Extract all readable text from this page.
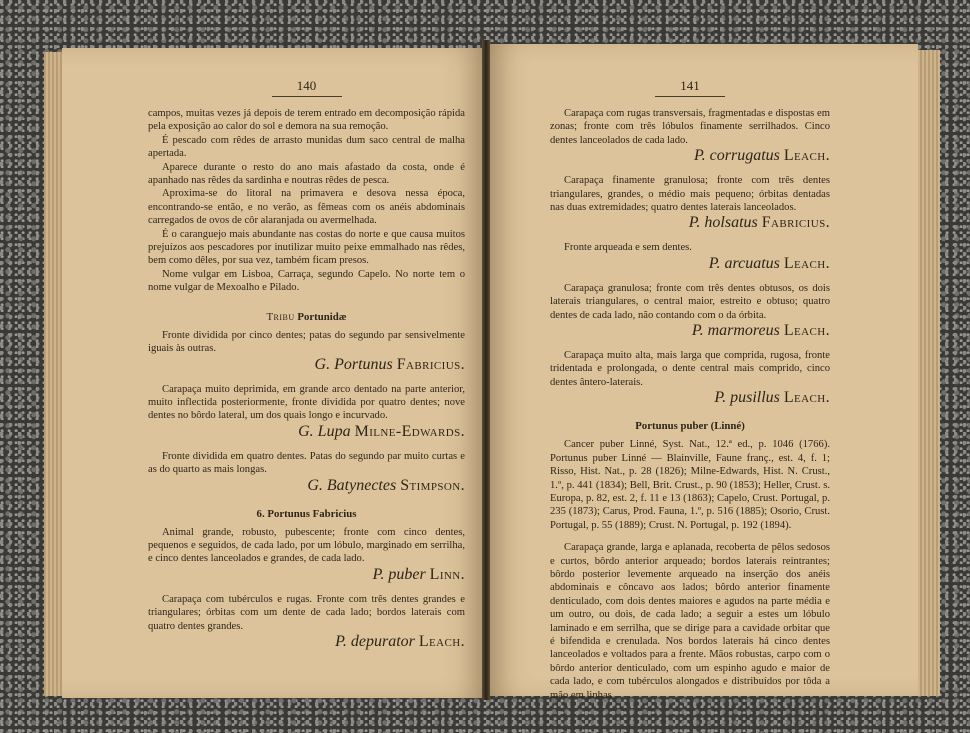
140

campos, muitas vezes já depois de terem entrado em decomposição rápida pela exposição ao calor do sol e demora na sua remoção.

É pescado com rêdes de arrasto munidas dum saco central de malha apertada.

Aparece durante o resto do ano mais afastado da costa, onde é apanhado nas rêdes da sardinha e noutras rêdes de pesca.

Aproxima-se do litoral na primavera e desova nessa época, encontrando-se então, e no verão, as fêmeas com os anéis abdominais carregados de ovos de côr alaranjada ou avermelhada.

É o caranguejo mais abundante nas costas do norte e que causa muitos prejuízos aos pescadores por inutilizar muito peixe emmalhado nas rêdes, bem como dêles, por sua vez, também ficam presos.

Nome vulgar em Lisboa, Carraça, segundo Capelo. No norte tem o nome vulgar de Mexoalho e Pilado.

Tribu Portunidæ

Fronte dividida por cinco dentes; patas do segundo par sensivelmente iguais às outras.

G. Portunus Fabricius.

Carapaça muito deprimida, em grande arco dentado na parte anterior, muito inflectida posteriormente, fronte dividida por quatro dentes; nove dentes no bôrdo lateral, um dos quais longo e incurvado.

G. Lupa Milne-Edwards.

Fronte dividida em quatro dentes. Patas do segundo par muito curtas e as do quarto as mais longas.

G. Batynectes Stimpson.
6. Portunus Fabricius

Animal grande, robusto, pubescente; fronte com cinco dentes, pequenos e seguidos, de cada lado, por um lóbulo, marginado em serrilha, e cinco dentes lanceolados e grandes, de cada lado.

P. puber Linn.

Carapaça com tubérculos e rugas. Fronte com três dentes grandes e triangulares; órbitas com um dente de cada lado; bordos laterais com quatro dentes grandes.

P. depurator Leach.

141

Carapaça com rugas transversais, fragmentadas e dispostas em zonas; fronte com três lóbulos finamente serrilhados. Cinco dentes lanceolados de cada lado.

P. corrugatus Leach.

Carapaça finamente granulosa; fronte com três dentes triangulares, grandes, o médio mais pequeno; órbitas dentadas nas duas extremidades; quatro dentes laterais lanceolados.

P. holsatus Fabricius.

Fronte arqueada e sem dentes.

P. arcuatus Leach.

Carapaça granulosa; fronte com três dentes obtusos, os dois laterais triangulares, o central maior, estreito e obtuso; quatro dentes de cada lado, não contando com o da órbita.

P. marmoreus Leach.

Carapaça muito alta, mais larga que comprida, rugosa, fronte tridentada e prolongada, o dente central mais comprido, cinco dentes ântero-laterais.

P. pusillus Leach.
Portunus puber (Linné)

Cancer puber Linné, Syst. Nat., 12.ª ed., p. 1046 (1766). Portunus puber Linné — Blainville, Faune franç., est. 4, f. 1; Risso, Hist. Nat., p. 28 (1826); Milne-Edwards, Hist. N. Crust., 1.º, p. 441 (1834); Bell, Brit. Crust., p. 90 (1853); Heller, Crust. s. Europa, p. 82, est. 2, f. 11 e 13 (1863); Capelo, Crust. Portugal, p. 235 (1873); Carus, Prod. Fauna, 1.º, p. 516 (1885); Osorio, Crust. Portugal, p. 55 (1889); Crust. N. Portugal, p. 192 (1894).

Carapaça grande, larga e aplanada, recoberta de pêlos sedosos e curtos, bôrdo anterior arqueado; bordos laterais reintrantes; bôrdo posterior levemente arqueado na inserção dos anéis abdominais e côncavo aos lados; bôrdo anterior finamente denticulado, com dois dentes maiores e agudos na parte média e um outro, ou dois, de cada lado; a seguir a estes um lóbulo laminado e em serrilha, que se dirige para a cavidade orbitar que é bifendida e crenulada. Nos bordos laterais há cinco dentes lanceolados e voltados para a frente. Mãos robustas, carpo com o bôrdo anterior denticulado, com um espinho agudo e maior de cada lado, e com tubérculos alongados e distribuídos por tôda a mão em linhas
